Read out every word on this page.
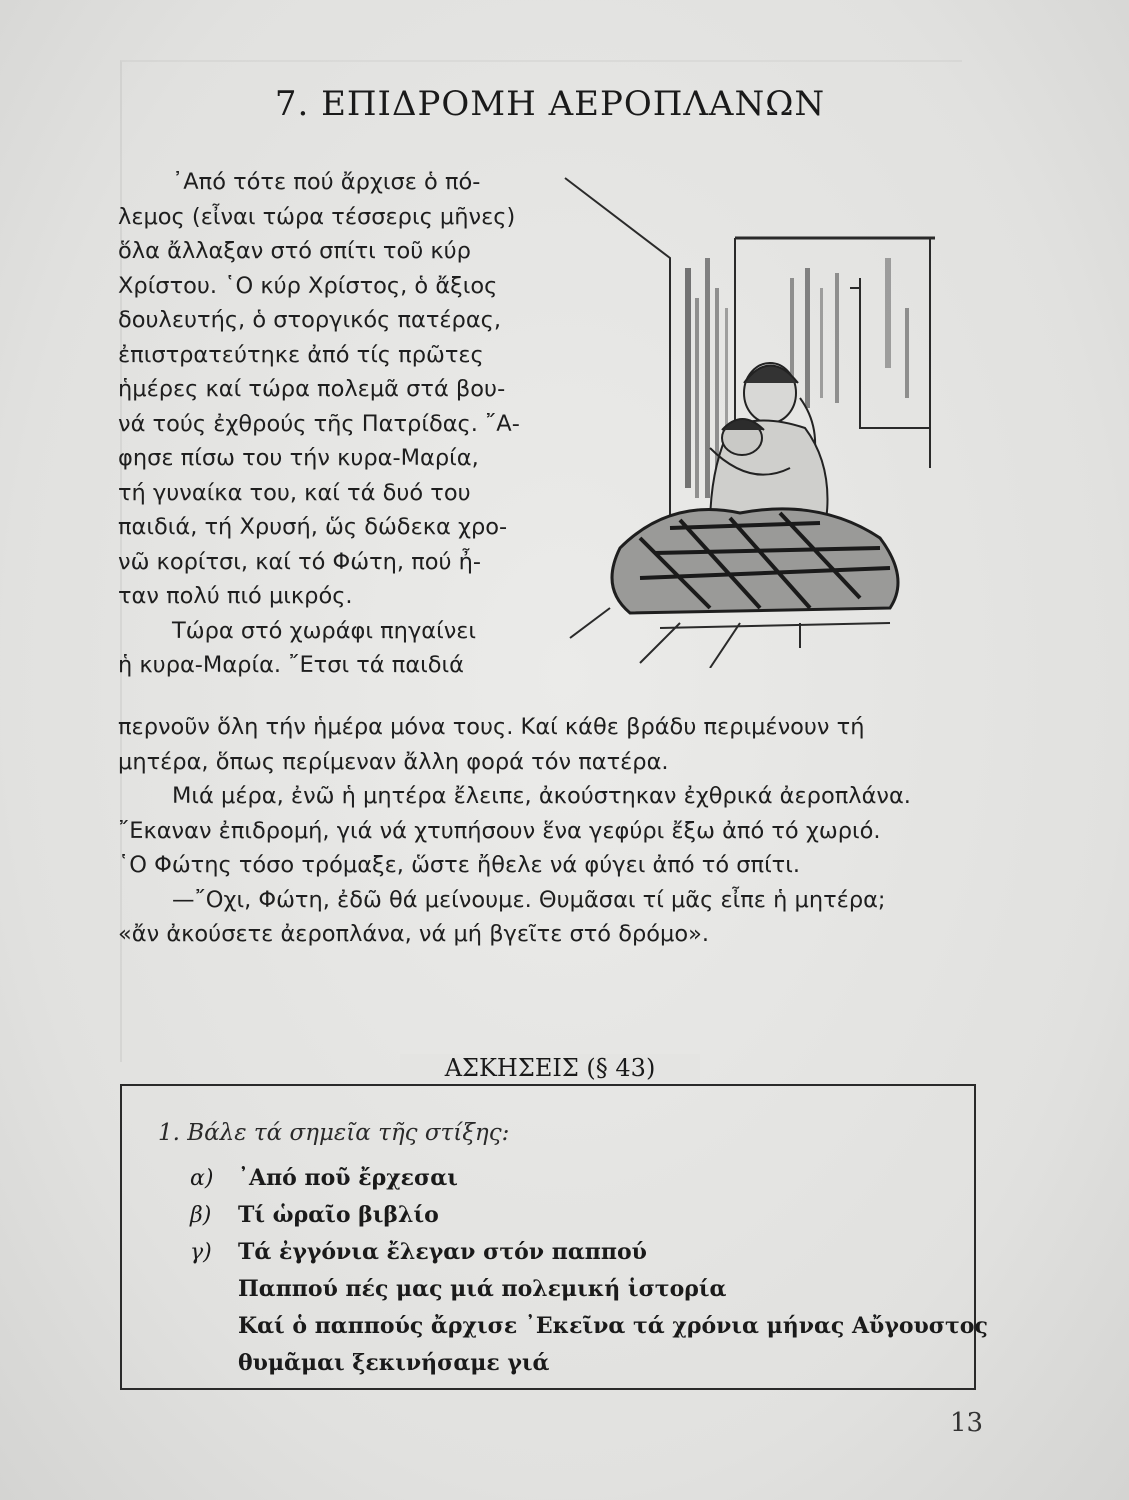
7. ΕΠΙΔΡΟΜΗ ΑΕΡΟΠΛΑΝΩΝ
᾿Από τότε πού ἄρχισε ὁ πό-
λεμος (εἶναι τώρα τέσσερις μῆνες)
ὅλα ἄλλαξαν στό σπίτι τοῦ κύρ
Χρίστου. ῾Ο κύρ Χρίστος, ὁ ἄξιος
δουλευτής, ὁ στοργικός πατέρας,
ἐπιστρατεύτηκε ἀπό τίς πρῶτες
ἡμέρες καί τώρα πολεμᾶ στά βου-
νά τούς ἐχθρούς τῆς Πατρίδας. ῎Α-
φησε πίσω του τήν κυρα-Μαρία,
τή γυναίκα του, καί τά δυό του
παιδιά, τή Χρυσή, ὥς δώδεκα χρο-
νῶ κορίτσι, καί τό Φώτη, πού ἦ-
ταν πολύ πιό μικρός.
Τώρα στό χωράφι πηγαίνει
ἡ κυρα-Μαρία. ῎Ετσι τά παιδιά
περνοῦν ὅλη τήν ἡμέρα μόνα τους. Καί κάθε βράδυ περιμένουν τή
μητέρα, ὅπως περίμεναν ἄλλη φορά τόν πατέρα.
Μιά μέρα, ἐνῶ ἡ μητέρα ἔλειπε, ἀκούστηκαν ἐχθρικά ἀεροπλάνα.
῎Εκαναν ἐπιδρομή, γιά νά χτυπήσουν ἕνα γεφύρι ἔξω ἀπό τό χωριό.
῾Ο Φώτης τόσο τρόμαξε, ὥστε ἤθελε νά φύγει ἀπό τό σπίτι.
—῎Οχι, Φώτη, ἐδῶ θά μείνουμε. Θυμᾶσαι τί μᾶς εἶπε ἡ μητέρα;
«ἄν ἀκούσετε ἀεροπλάνα, νά μή βγεῖτε στό δρόμο».
ΑΣΚΗΣΕΙΣ (§ 43)
1. Βάλε τά σημεῖα τῆς στίξης:
α) ᾿Από ποῦ ἔρχεσαι
β) Τί ὡραῖο βιβλίο
γ) Τά ἐγγόνια ἔλεγαν στόν παππού
Παππού πές μας μιά πολεμική ἱστορία
Καί ὁ παππούς ἄρχισε ᾿Εκεῖνα τά χρόνια μήνας Αὔγουστος
θυμᾶμαι ξεκινήσαμε γιά
13
